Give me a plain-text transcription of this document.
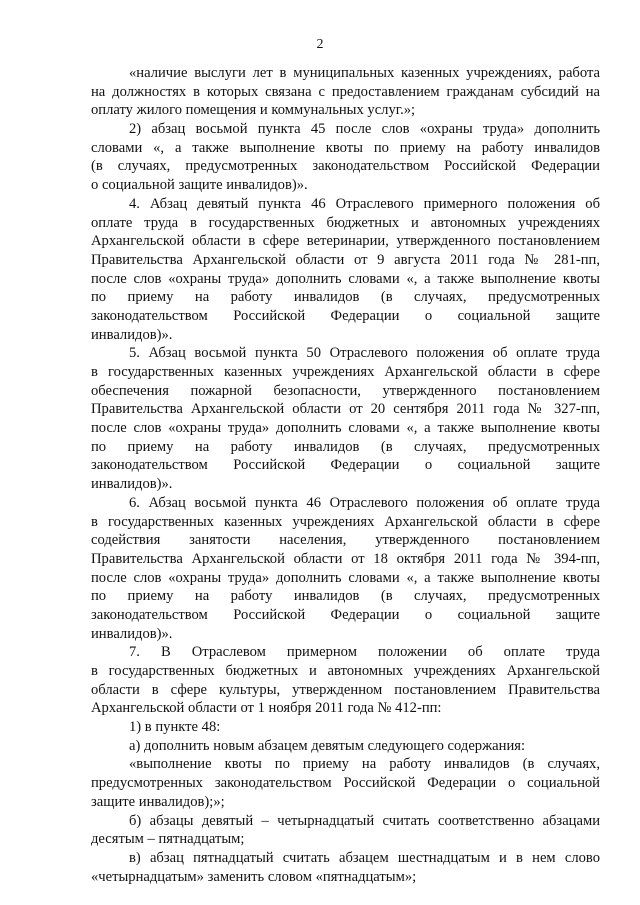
2
«наличие выслуги лет в муниципальных казенных учреждениях, работа
на должностях в которых связана с предоставлением гражданам субсидий на
оплату жилого помещения и коммунальных услуг.»;
2) абзац восьмой пункта 45 после слов «охраны труда» дополнить
словами «, а также выполнение квоты по приему на работу инвалидов
(в случаях, предусмотренных законодательством Российской Федерации
о социальной защите инвалидов)».
4. Абзац девятый пункта 46 Отраслевого примерного положения об
оплате труда в государственных бюджетных и автономных учреждениях
Архангельской области в сфере ветеринарии, утвержденного постановлением
Правительства Архангельской области от 9 августа 2011 года № 281-пп,
после слов «охраны труда» дополнить словами «, а также выполнение квоты
по приему на работу инвалидов (в случаях, предусмотренных
законодательством Российской Федерации о социальной защите
инвалидов)».
5. Абзац восьмой пункта 50 Отраслевого положения об оплате труда
в государственных казенных учреждениях Архангельской области в сфере
обеспечения пожарной безопасности, утвержденного постановлением
Правительства Архангельской области от 20 сентября 2011 года № 327-пп,
после слов «охраны труда» дополнить словами «, а также выполнение квоты
по приему на работу инвалидов (в случаях, предусмотренных
законодательством Российской Федерации о социальной защите
инвалидов)».
6. Абзац восьмой пункта 46 Отраслевого положения об оплате труда
в государственных казенных учреждениях Архангельской области в сфере
содействия занятости населения, утвержденного постановлением
Правительства Архангельской области от 18 октября 2011 года № 394-пп,
после слов «охраны труда» дополнить словами «, а также выполнение квоты
по приему на работу инвалидов (в случаях, предусмотренных
законодательством Российской Федерации о социальной защите
инвалидов)».
7. В Отраслевом примерном положении об оплате труда
в государственных бюджетных и автономных учреждениях Архангельской
области в сфере культуры, утвержденном постановлением Правительства
Архангельской области от 1 ноября 2011 года № 412-пп:
1) в пункте 48:
а) дополнить новым абзацем девятым следующего содержания:
«выполнение квоты по приему на работу инвалидов (в случаях,
предусмотренных законодательством Российской Федерации о социальной
защите инвалидов);»;
б) абзацы девятый – четырнадцатый считать соответственно абзацами
десятым – пятнадцатым;
в) абзац пятнадцатый считать абзацем шестнадцатым и в нем слово
«четырнадцатым» заменить словом «пятнадцатым»;
